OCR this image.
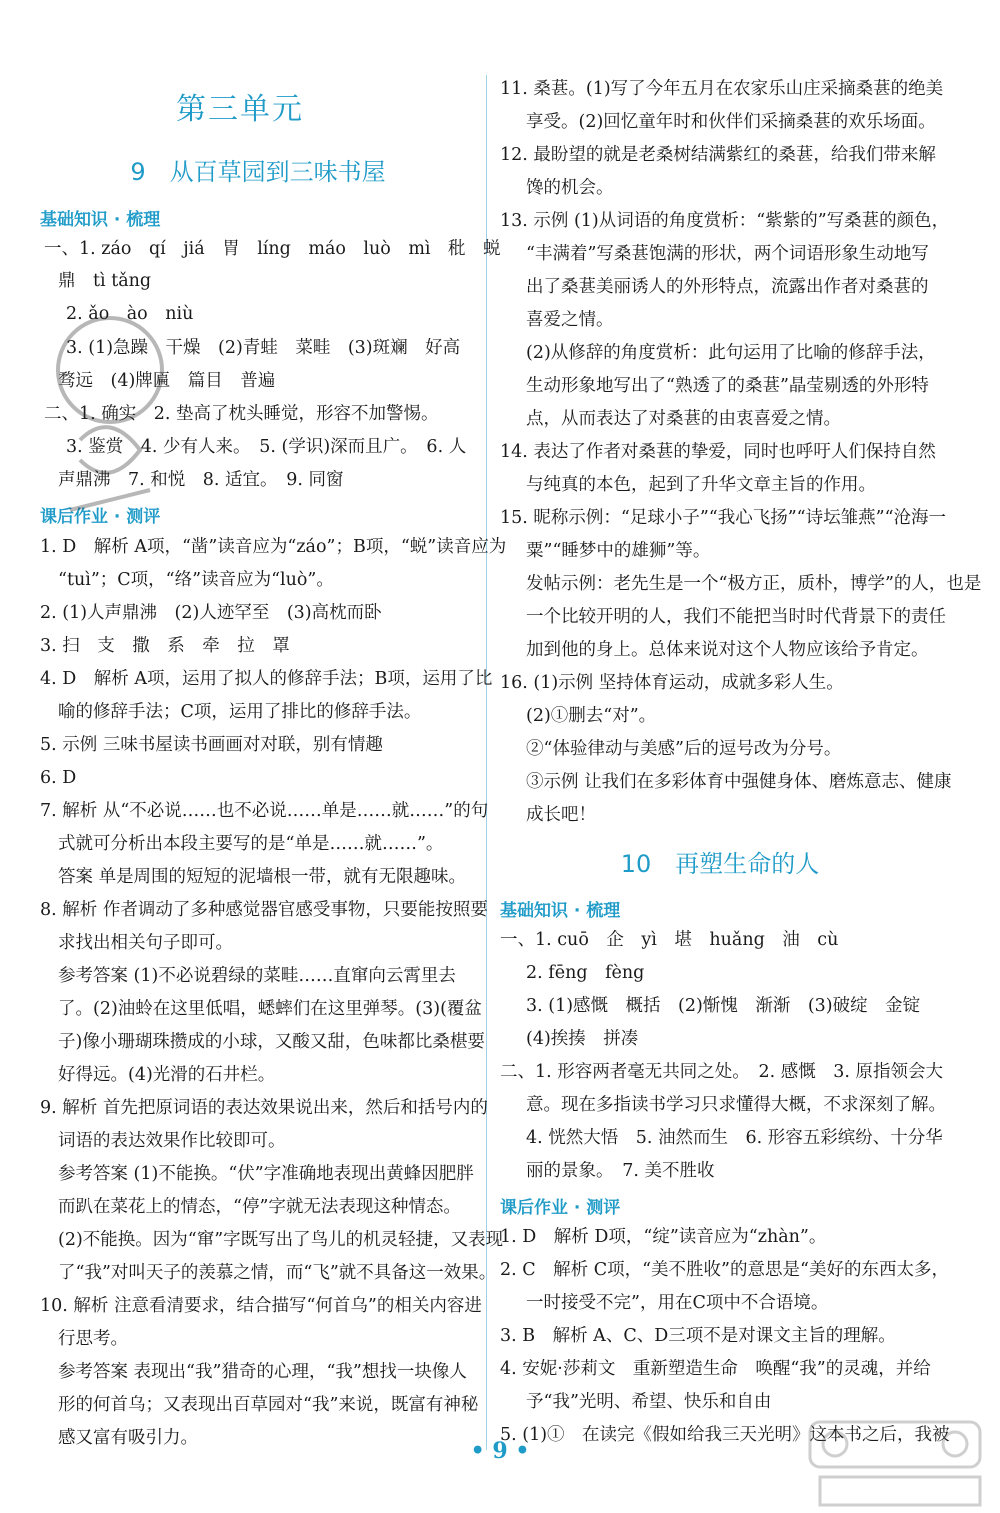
第三单元
9　从百草园到三味书屋
基础知识 · 梳理
一、1. záo　qí　jiá　胃　líng　máo　luò　mì　秕　蜕
鼎　tì tǎng
2. ǎo　ào　niù
3. (1)急躁　干燥　(2)青蛙　菜畦　(3)斑斓　好高
骛远　(4)牌匾　篇目　普遍
二、1. 确实　2. 垫高了枕头睡觉，形容不加警惕。
3. 鉴赏　4. 少有人来。　5. (学识)深而且广。　6. 人
声鼎沸　7. 和悦　8. 适宜。　9. 同窗
课后作业 · 测评
1. D　解析 A项，“凿”读音应为“záo”；B项，“蜕”读音应为
“tuì”；C项，“络”读音应为“luò”。
2. (1)人声鼎沸　(2)人迹罕至　(3)高枕而卧
3. 扫　支　撒　系　牵　拉　罩
4. D　解析 A项，运用了拟人的修辞手法；B项，运用了比
喻的修辞手法；C项，运用了排比的修辞手法。
5. 示例 三味书屋读书画画对对联，别有情趣
6. D
7. 解析 从“不必说……也不必说……单是……就……”的句
式就可分析出本段主要写的是“单是……就……”。
答案 单是周围的短短的泥墙根一带，就有无限趣味。
8. 解析 作者调动了多种感觉器官感受事物，只要能按照要
求找出相关句子即可。
参考答案 (1)不必说碧绿的菜畦……直窜向云霄里去
了。(2)油蛉在这里低唱，蟋蟀们在这里弹琴。(3)(覆盆
子)像小珊瑚珠攒成的小球，又酸又甜，色味都比桑椹要
好得远。(4)光滑的石井栏。
9. 解析 首先把原词语的表达效果说出来，然后和括号内的
词语的表达效果作比较即可。
参考答案 (1)不能换。“伏”字准确地表现出黄蜂因肥胖
而趴在菜花上的情态，“停”字就无法表现这种情态。
(2)不能换。因为“窜”字既写出了鸟儿的机灵轻捷，又表现
了“我”对叫天子的羡慕之情，而“飞”就不具备这一效果。
10. 解析 注意看清要求，结合描写“何首乌”的相关内容进
行思考。
参考答案 表现出“我”猎奇的心理，“我”想找一块像人
形的何首乌；又表现出百草园对“我”来说，既富有神秘
感又富有吸引力。
11. 桑葚。(1)写了今年五月在农家乐山庄采摘桑葚的绝美
享受。(2)回忆童年时和伙伴们采摘桑葚的欢乐场面。
12. 最盼望的就是老桑树结满紫红的桑葚，给我们带来解
馋的机会。
13. 示例 (1)从词语的角度赏析：“紫紫的”写桑葚的颜色，
“丰满着”写桑葚饱满的形状，两个词语形象生动地写
出了桑葚美丽诱人的外形特点，流露出作者对桑葚的
喜爱之情。
(2)从修辞的角度赏析：此句运用了比喻的修辞手法，
生动形象地写出了“熟透了的桑葚”晶莹剔透的外形特
点，从而表达了对桑葚的由衷喜爱之情。
14. 表达了作者对桑葚的挚爱，同时也呼吁人们保持自然
与纯真的本色，起到了升华文章主旨的作用。
15. 昵称示例：“足球小子”“我心飞扬”“诗坛雏燕”“沧海一
粟”“睡梦中的雄狮”等。
发帖示例：老先生是一个“极方正，质朴，博学”的人，也是
一个比较开明的人，我们不能把当时时代背景下的责任
加到他的身上。总体来说对这个人物应该给予肯定。
16. (1)示例 坚持体育运动，成就多彩人生。
(2)①删去“对”。
②“体验律动与美感”后的逗号改为分号。
③示例 让我们在多彩体育中强健身体、磨炼意志、健康
成长吧！
10　再塑生命的人
基础知识 · 梳理
一、1. cuō　企　yì　堪　huǎng　油　cù
2. fēng　fèng
3. (1)感慨　概括　(2)惭愧　渐渐　(3)破绽　金锭
(4)挨揍　拼凑
二、1. 形容两者毫无共同之处。　2. 感慨　3. 原指领会大
意。现在多指读书学习只求懂得大概，不求深刻了解。
4. 恍然大悟　5. 油然而生　6. 形容五彩缤纷、十分华
丽的景象。　7. 美不胜收
课后作业 · 测评
1. D　解析 D项，“绽”读音应为“zhàn”。
2. C　解析 C项，“美不胜收”的意思是“美好的东西太多，
一时接受不完”，用在C项中不合语境。
3. B　解析 A、C、D三项不是对课文主旨的理解。
4. 安妮·莎莉文　重新塑造生命　唤醒“我”的灵魂，并给
予“我”光明、希望、快乐和自由
5. (1)①　在读完《假如给我三天光明》这本书之后，我被
• 9 •
